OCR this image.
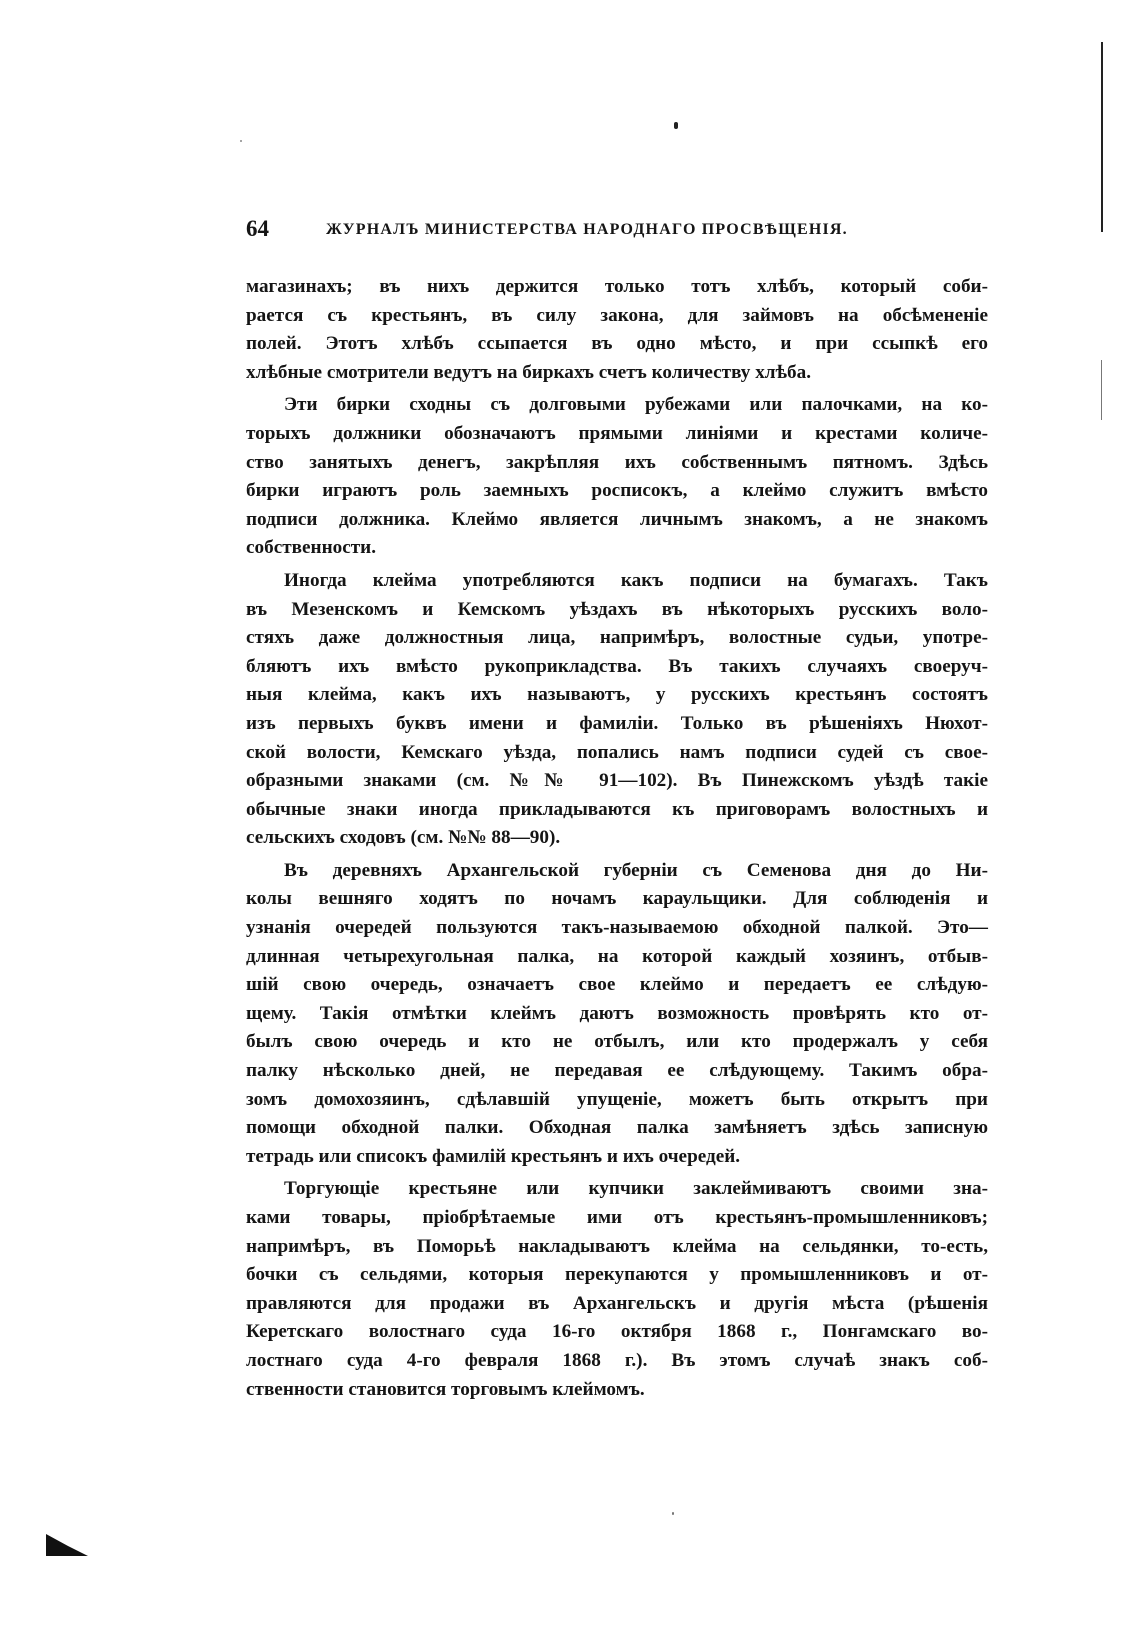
64	ЖУРНАЛЪ МИНИСТЕРСТВА НАРОДНАГО ПРОСВѢЩЕНІЯ.

магазинахъ; въ нихъ держится только тотъ хлѣбъ, который соби-
рается съ крестьянъ, въ силу закона, для займовъ на обсѣмененіе
полей. Этотъ хлѣбъ ссыпается въ одно мѣсто, и при ссыпкѣ его
хлѣбные смотрители ведутъ на биркахъ счетъ количеству хлѣба.

Эти бирки сходны съ долговыми рубежами или палочками, на ко-
торыхъ должники обозначаютъ прямыми линіями и крестами количе-
ство занятыхъ денегъ, закрѣпляя ихъ собственнымъ пятномъ. Здѣсь
бирки играютъ роль заемныхъ росписокъ, а клеймо служитъ вмѣсто
подписи должника. Клеймо является личнымъ знакомъ, а не знакомъ
собственности.

Иногда клейма употребляются какъ подписи на бумагахъ. Такъ
въ Мезенскомъ и Кемскомъ уѣздахъ въ нѣкоторыхъ русскихъ воло-
стяхъ даже должностныя лица, напримѣръ, волостные судьи, употре-
бляютъ ихъ вмѣсто рукоприкладства. Въ такихъ случаяхъ своеруч-
ныя клейма, какъ ихъ называютъ, у русскихъ крестьянъ состоятъ
изъ первыхъ буквъ имени и фамиліи. Только въ рѣшеніяхъ Нюхот-
ской волости, Кемскаго уѣзда, попались намъ подписи судей съ свое-
образными знаками (см. №№ 91—102). Въ Пинежскомъ уѣздѣ такіе
обычные знаки иногда прикладываются къ приговорамъ волостныхъ и
сельскихъ сходовъ (см. №№ 88—90).

Въ деревняхъ Архангельской губерніи съ Семенова дня до Ни-
колы вешняго ходятъ по ночамъ караульщики. Для соблюденія и
узнанія очередей пользуются такъ-называемою обходной палкой. Это—
длинная четырехугольная палка, на которой каждый хозяинъ, отбыв-
шій свою очередь, означаетъ свое клеймо и передаетъ ее слѣдую-
щему. Такія отмѣтки клеймъ даютъ возможность провѣрять кто от-
былъ свою очередь и кто не отбылъ, или кто продержалъ у себя
палку нѣсколько дней, не передавая ее слѣдующему. Такимъ обра-
зомъ домохозяинъ, сдѣлавшій упущеніе, можетъ быть открытъ при
помощи обходной палки. Обходная палка замѣняетъ здѣсь записную
тетрадь или списокъ фамилій крестьянъ и ихъ очередей.

Торгующіе крестьяне или купчики заклеймиваютъ своими зна-
ками товары, пріобрѣтаемые ими отъ крестьянъ-промышленниковъ;
напримѣръ, въ Поморьѣ накладываютъ клейма на сельдянки, то-есть,
бочки съ сельдями, которыя перекупаются у промышленниковъ и от-
правляются для продажи въ Архангельскъ и другія мѣста (рѣшенія
Керетскаго волостнаго суда 16-го октября 1868 г., Понгамскаго во-
лостнаго суда 4-го февраля 1868 г.). Въ этомъ случаѣ знакъ соб-
ственности становится торговымъ клеймомъ.
